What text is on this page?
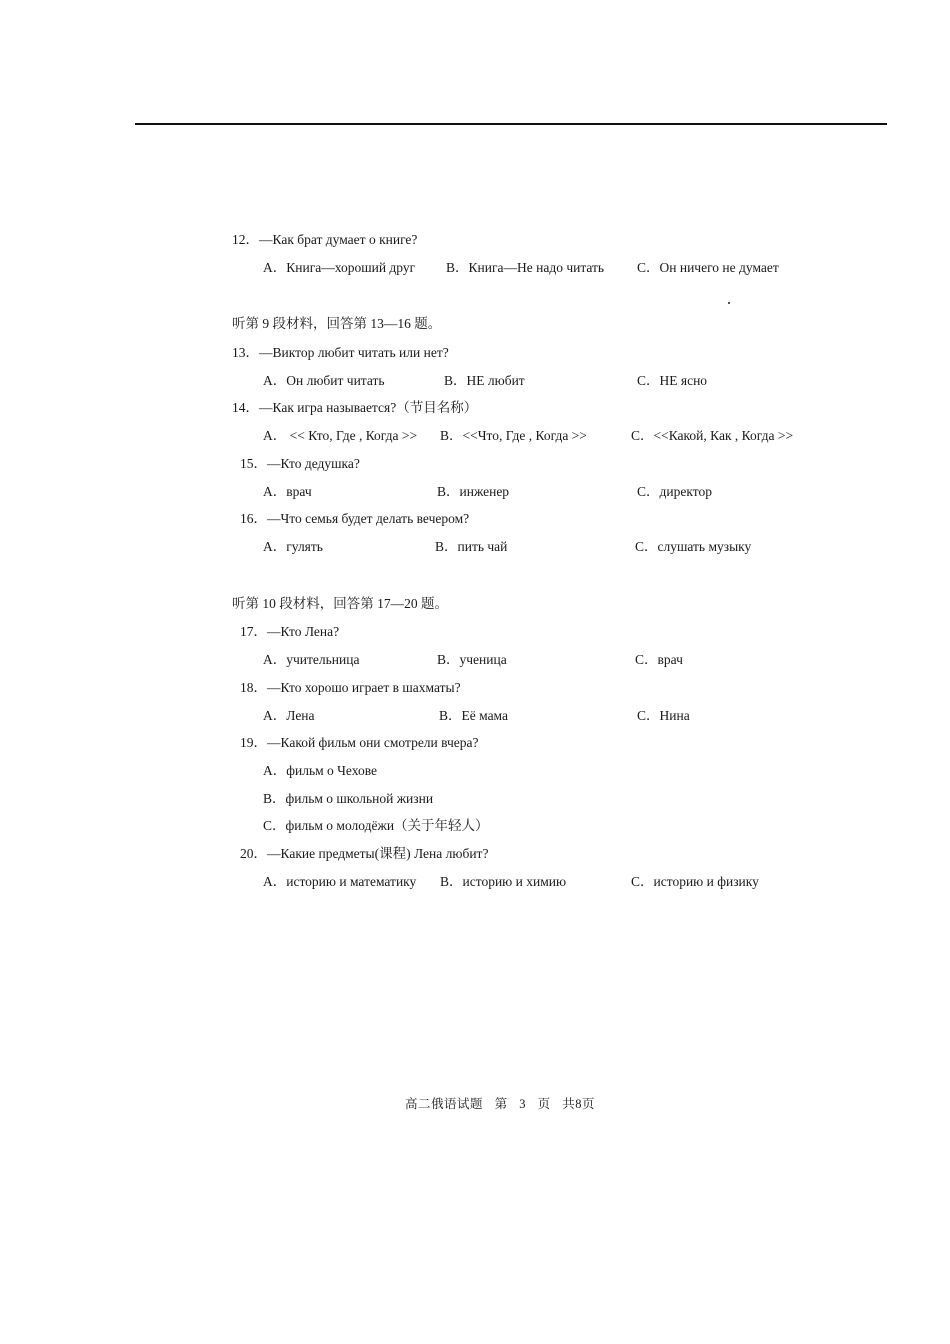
12．—Как брат думает о книге?
A．Книга—хороший друг B．Книга—Не надо читать C．Он ничего не думает
听第 9 段材料，回答第 13—16 题。
13．—Виктор любит читать или нет?
A．Он любит читать	B．НЕ любит	C．НЕ ясно
14．—Как игра называется?（节目名称）
A． << Кто, Где , Когда >> B．<<Что, Где , Когда >>	C．<<Какой, Как , Когда >>
15．—Кто дедушка?
A．врач	B．инженер	C．директор
16．—Что семья будет делать вечером?
A．гулять	B．пить чай	C．слушать музыку
听第 10 段材料，回答第 17—20 题。
17．—Кто Лена?
A．учительница	B．ученица	C．врач
18．—Кто хорошо играет в шахматы?
A．Лена	B．Её мама	C．Нина
19．—Какой фильм они смотрели вчера?
A．фильм о Чехове
B．фильм о школьной жизни
C．фильм о молодёжи（关于年轻人）
20．—Какие предметы(课程) Лена любит?
A．историю и математику B．историю и химию	C．историю и физику
高二俄语试题 第 3 页 共8页
